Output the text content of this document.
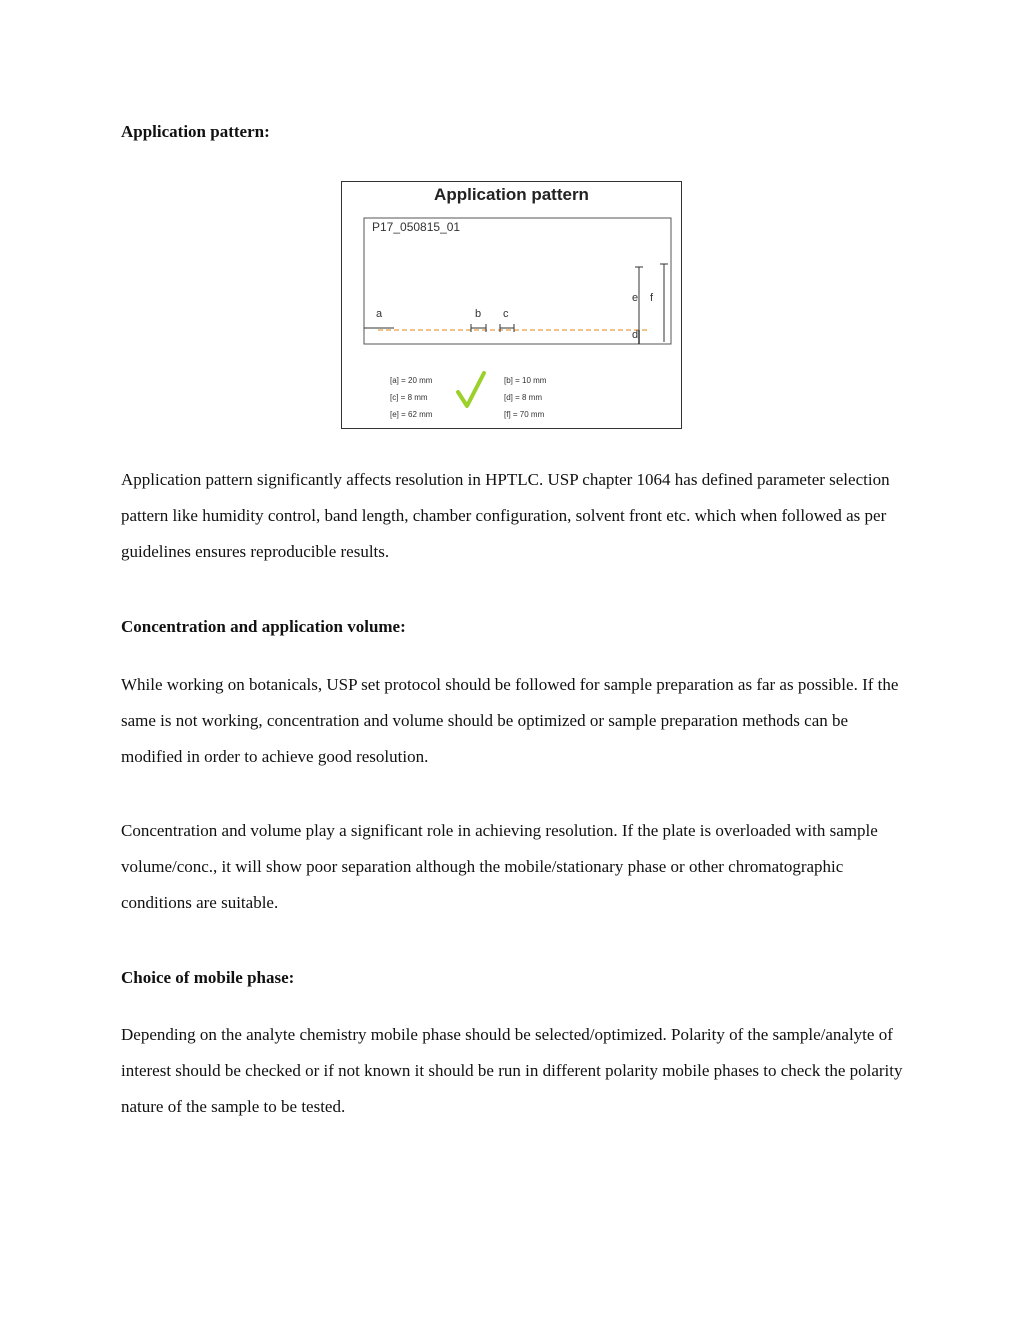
Application pattern:

Application pattern
P17_050815_01
a	b c
d
e f
[a] = 20 mm
[c] = 8 mm
[e] = 62 mm
[b] = 10 mm
[d] = 8 mm
[f] = 70 mm

Application pattern significantly affects resolution in HPTLC. USP chapter 1064 has defined parameter selection pattern like humidity control, band length, chamber configuration, solvent front etc. which when followed as per guidelines ensures reproducible results.

Concentration and application volume:

While working on botanicals, USP set protocol should be followed for sample preparation as far as possible. If the same is not working, concentration and volume should be optimized or sample preparation methods can be modified in order to achieve good resolution.

Concentration and volume play a significant role in achieving resolution. If the plate is overloaded with sample volume/conc., it will show poor separation although the mobile/stationary phase or other chromatographic conditions are suitable.

Choice of mobile phase:

Depending on the analyte chemistry mobile phase should be selected/optimized. Polarity of the sample/analyte of interest should be checked or if not known it should be run in different polarity mobile phases to check the polarity nature of the sample to be tested.
